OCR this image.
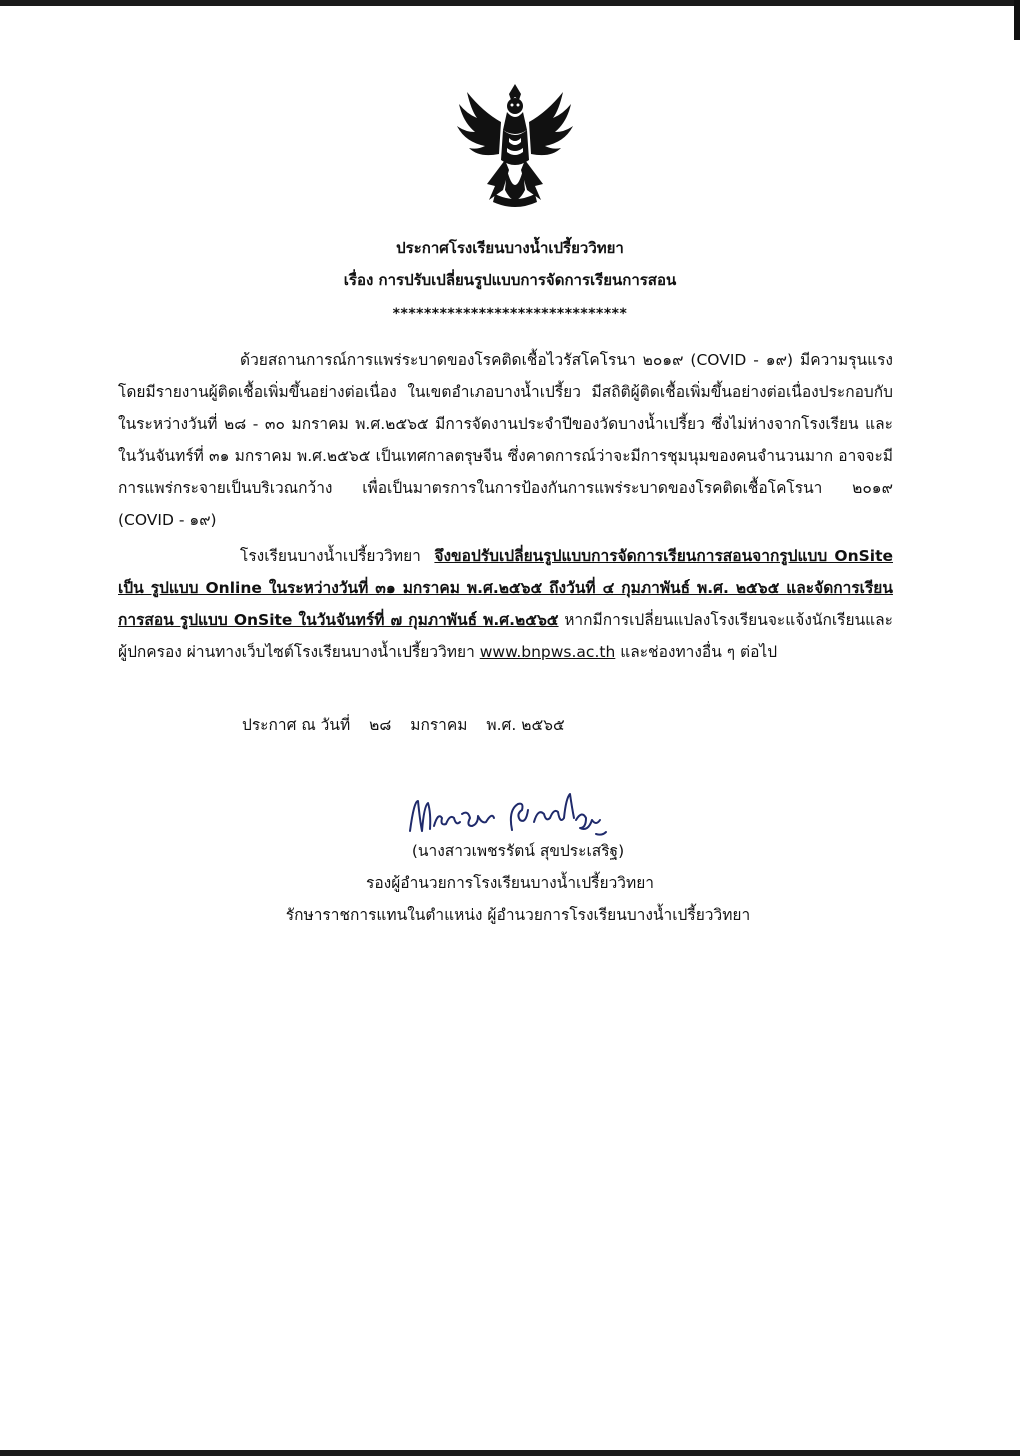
ประกาศโรงเรียนบางน้ำเปรี้ยววิทยา
เรื่อง การปรับเปลี่ยนรูปแบบการจัดการเรียนการสอน
******************************
ด้วยสถานการณ์การแพร่ระบาดของโรคติดเชื้อไวรัสโคโรนา ๒๐๑๙ (COVID - ๑๙) มีความรุนแรงโดยมีรายงานผู้ติดเชื้อเพิ่มขึ้นอย่างต่อเนื่อง ในเขตอำเภอบางน้ำเปรี้ยว มีสถิติผู้ติดเชื้อเพิ่มขึ้นอย่างต่อเนื่องประกอบกับในระหว่างวันที่ ๒๘ - ๓๐ มกราคม พ.ศ.๒๕๖๕ มีการจัดงานประจำปีของวัดบางน้ำเปรี้ยว ซึ่งไม่ห่างจากโรงเรียน และในวันจันทร์ที่ ๓๑ มกราคม พ.ศ.๒๕๖๕ เป็นเทศกาลตรุษจีน ซึ่งคาดการณ์ว่าจะมีการชุมนุมของคนจำนวนมาก อาจจะมีการแพร่กระจายเป็นบริเวณกว้าง เพื่อเป็นมาตรการในการป้องกันการแพร่ระบาดของโรคติดเชื้อโคโรนา ๒๐๑๙ (COVID - ๑๙)
โรงเรียนบางน้ำเปรี้ยววิทยา จึงขอปรับเปลี่ยนรูปแบบการจัดการเรียนการสอนจากรูปแบบ OnSite เป็น รูปแบบ Online ในระหว่างวันที่ ๓๑ มกราคม พ.ศ.๒๕๖๕ ถึงวันที่ ๔ กุมภาพันธ์ พ.ศ. ๒๕๖๕ และจัดการเรียนการสอน รูปแบบ OnSite ในวันจันทร์ที่ ๗ กุมภาพันธ์ พ.ศ.๒๕๖๕ หากมีการเปลี่ยนแปลงโรงเรียนจะแจ้งนักเรียนและผู้ปกครอง ผ่านทางเว็บไซต์โรงเรียนบางน้ำเปรี้ยววิทยา www.bnpws.ac.th และช่องทางอื่น ๆ ต่อไป
ประกาศ ณ วันที่ ๒๘ มกราคม พ.ศ. ๒๕๖๕
(นางสาวเพชรรัตน์ สุขประเสริฐ)
รองผู้อำนวยการโรงเรียนบางน้ำเปรี้ยววิทยา
รักษาราชการแทนในตำแหน่ง ผู้อำนวยการโรงเรียนบางน้ำเปรี้ยววิทยา
